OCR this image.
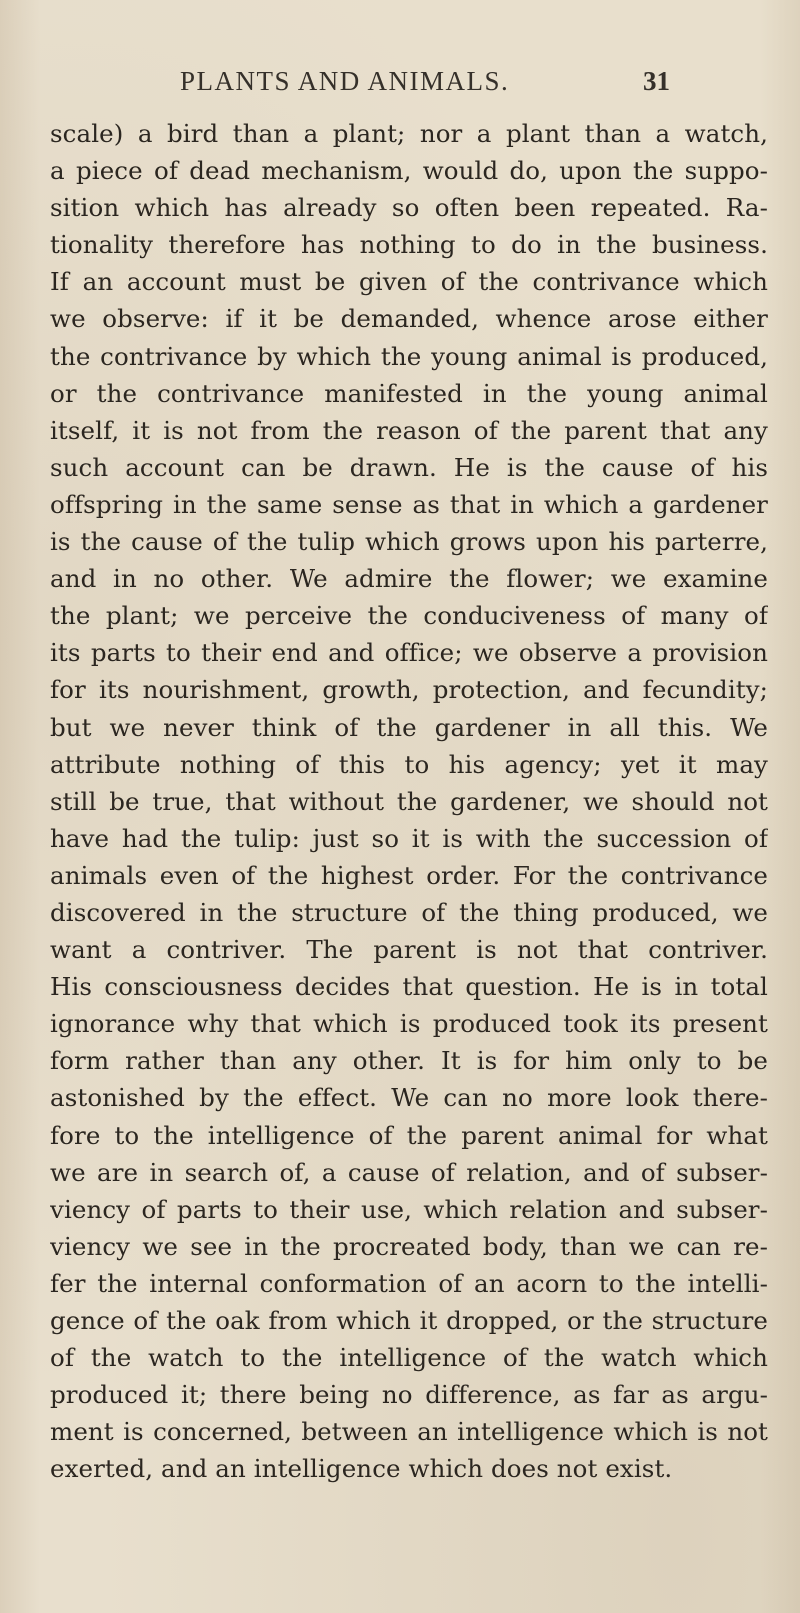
PLANTS AND ANIMALS.	31
scale) a bird than a plant; nor a plant than a watch,
a piece of dead mechanism, would do, upon the suppo-
sition which has already so often been repeated. Ra-
tionality therefore has nothing to do in the business.
If an account must be given of the contrivance which
we observe: if it be demanded, whence arose either
the contrivance by which the young animal is produced,
or the contrivance manifested in the young animal
itself, it is not from the reason of the parent that any
such account can be drawn. He is the cause of his
offspring in the same sense as that in which a gardener
is the cause of the tulip which grows upon his parterre,
and in no other. We admire the flower; we examine
the plant; we perceive the conduciveness of many of
its parts to their end and office; we observe a provision
for its nourishment, growth, protection, and fecundity;
but we never think of the gardener in all this. We
attribute nothing of this to his agency; yet it may
still be true, that without the gardener, we should not
have had the tulip: just so it is with the succession of
animals even of the highest order. For the contrivance
discovered in the structure of the thing produced, we
want a contriver. The parent is not that contriver.
His consciousness decides that question. He is in total
ignorance why that which is produced took its present
form rather than any other. It is for him only to be
astonished by the effect. We can no more look there-
fore to the intelligence of the parent animal for what
we are in search of, a cause of relation, and of subser-
viency of parts to their use, which relation and subser-
viency we see in the procreated body, than we can re-
fer the internal conformation of an acorn to the intelli-
gence of the oak from which it dropped, or the structure
of the watch to the intelligence of the watch which
produced it; there being no difference, as far as argu-
ment is concerned, between an intelligence which is not
exerted, and an intelligence which does not exist.
